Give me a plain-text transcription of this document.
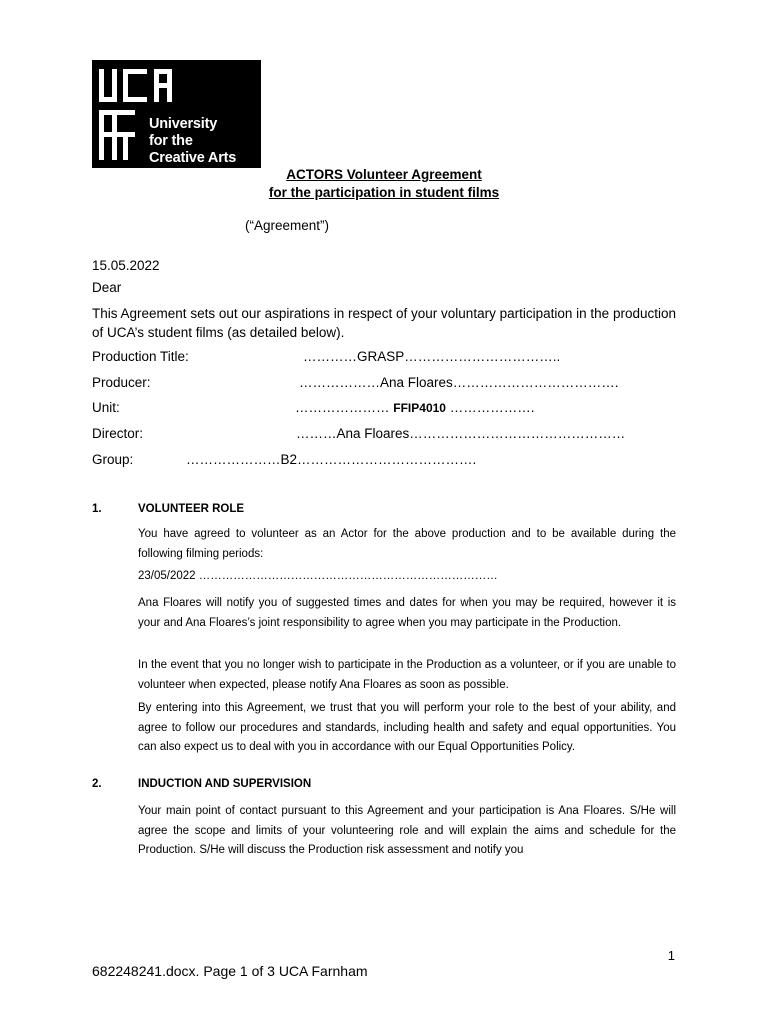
University
for the
Creative Arts
ACTORS Volunteer Agreement
for the participation in student films
(“Agreement”)
15.05.2022
Dear
This Agreement sets out our aspirations in respect of your voluntary participation in the production of UCA’s student films (as detailed below).
Production Title:	…………GRASP……………………………..
Producer:	………………Ana Floares……………………………….
Unit:	………………… FFIP4010 ……………….
Director:	………Ana Floares…………………………………………
Group:	…………………B2………………………………….
1.	VOLUNTEER ROLE
You have agreed to volunteer as an Actor for the above production and to be available during the following filming periods:
23/05/2022 ……………………………………………………………………
Ana Floares will notify you of suggested times and dates for when you may be required, however it is your and Ana Floares’s joint responsibility to agree when you may participate in the Production.
In the event that you no longer wish to participate in the Production as a volunteer, or if you are unable to volunteer when expected, please notify Ana Floares as soon as possible.
By entering into this Agreement, we trust that you will perform your role to the best of your ability, and agree to follow our procedures and standards, including health and safety and equal opportunities. You can also expect us to deal with you in accordance with our Equal Opportunities Policy.
2.	INDUCTION AND SUPERVISION
Your main point of contact pursuant to this Agreement and your participation is Ana Floares. S/He will agree the scope and limits of your volunteering role and will explain the aims and schedule for the Production. S/He will discuss the Production risk assessment and notify you
1
682248241.docx. Page 1 of 3 UCA Farnham
